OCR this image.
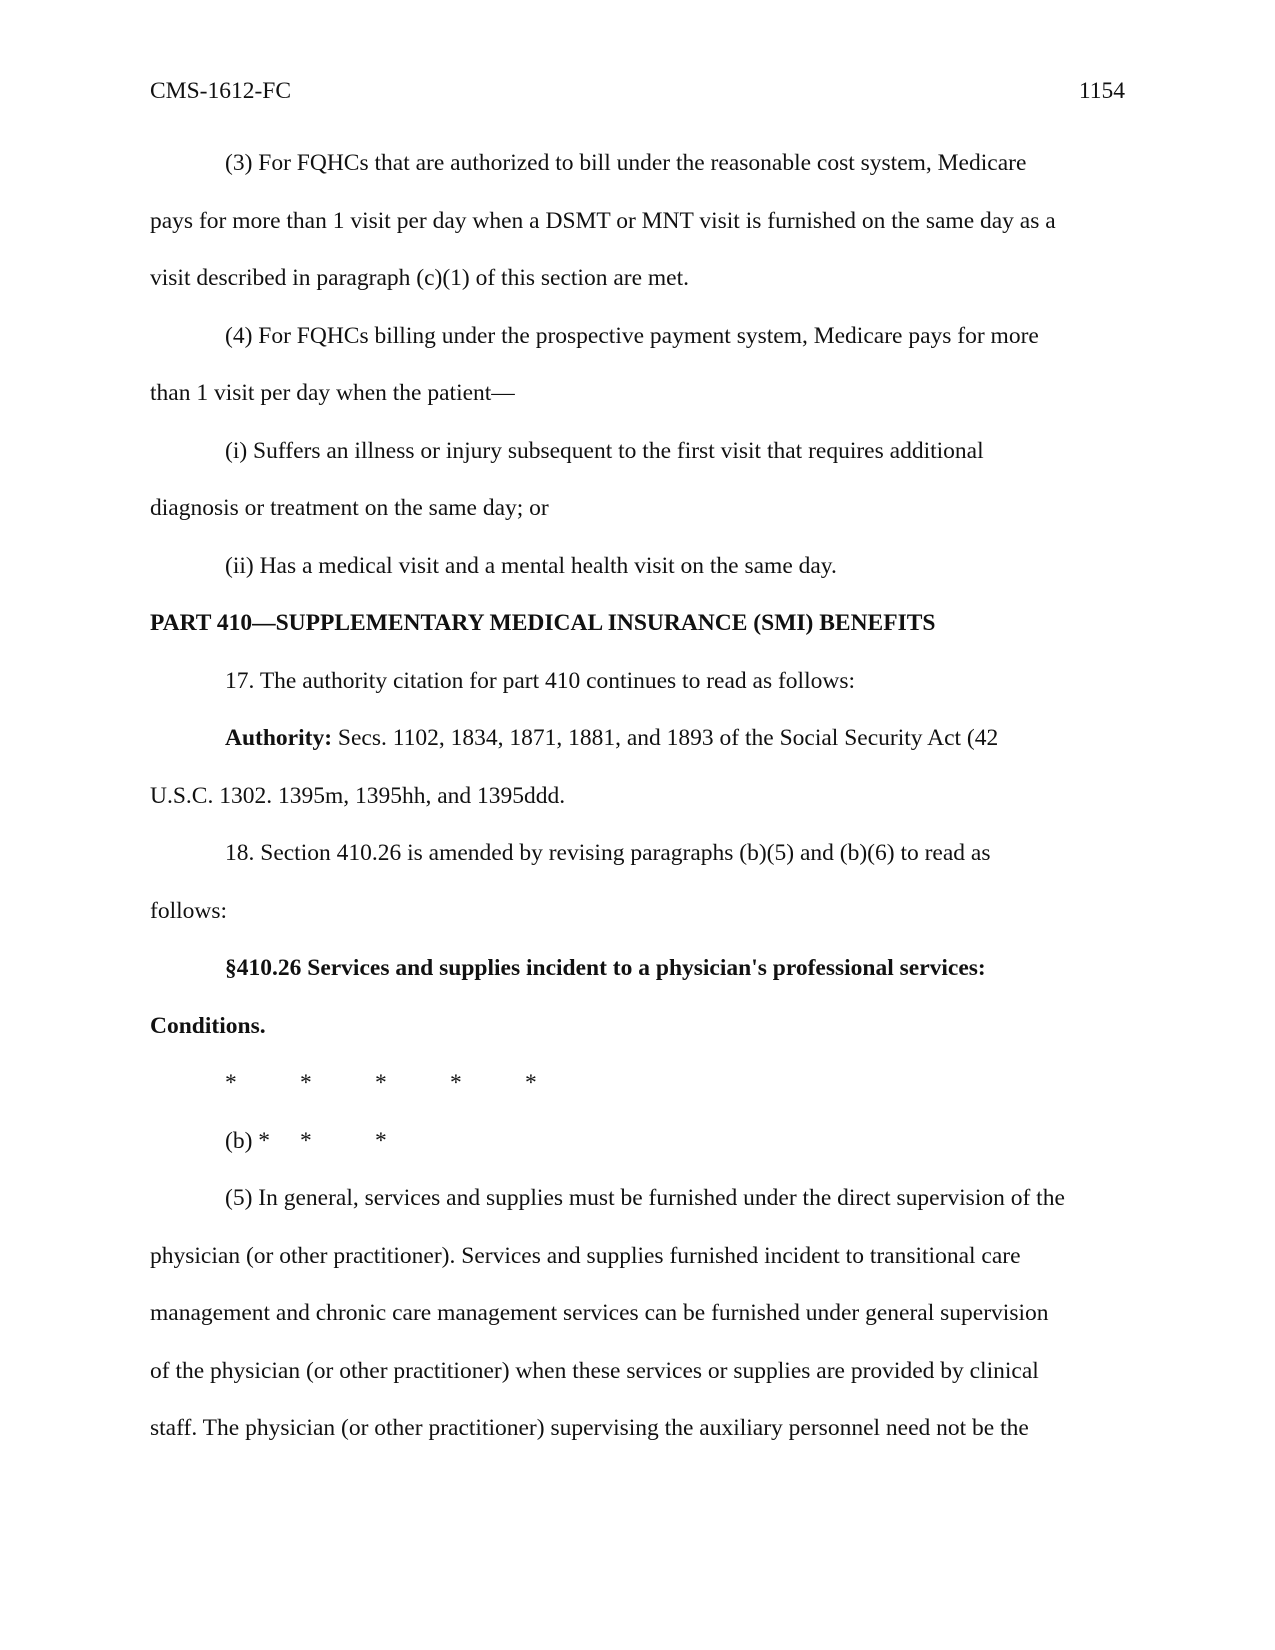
CMS-1612-FC	1154
(3) For FQHCs that are authorized to bill under the reasonable cost system, Medicare
pays for more than 1 visit per day when a DSMT or MNT visit is furnished on the same day as a
visit described in paragraph (c)(1) of this section are met.
(4) For FQHCs billing under the prospective payment system, Medicare pays for more
than 1 visit per day when the patient—
(i) Suffers an illness or injury subsequent to the first visit that requires additional
diagnosis or treatment on the same day; or
(ii) Has a medical visit and a mental health visit on the same day.
PART 410—SUPPLEMENTARY MEDICAL INSURANCE (SMI) BENEFITS
17. The authority citation for part 410 continues to read as follows:
Authority: Secs. 1102, 1834, 1871, 1881, and 1893 of the Social Security Act (42
U.S.C. 1302. 1395m, 1395hh, and 1395ddd.
18. Section 410.26 is amended by revising paragraphs (b)(5) and (b)(6) to read as
follows:
§410.26 Services and supplies incident to a physician's professional services:
Conditions.
*	*	*	*	*
(b) * *	*
(5) In general, services and supplies must be furnished under the direct supervision of the
physician (or other practitioner). Services and supplies furnished incident to transitional care
management and chronic care management services can be furnished under general supervision
of the physician (or other practitioner) when these services or supplies are provided by clinical
staff. The physician (or other practitioner) supervising the auxiliary personnel need not be the
